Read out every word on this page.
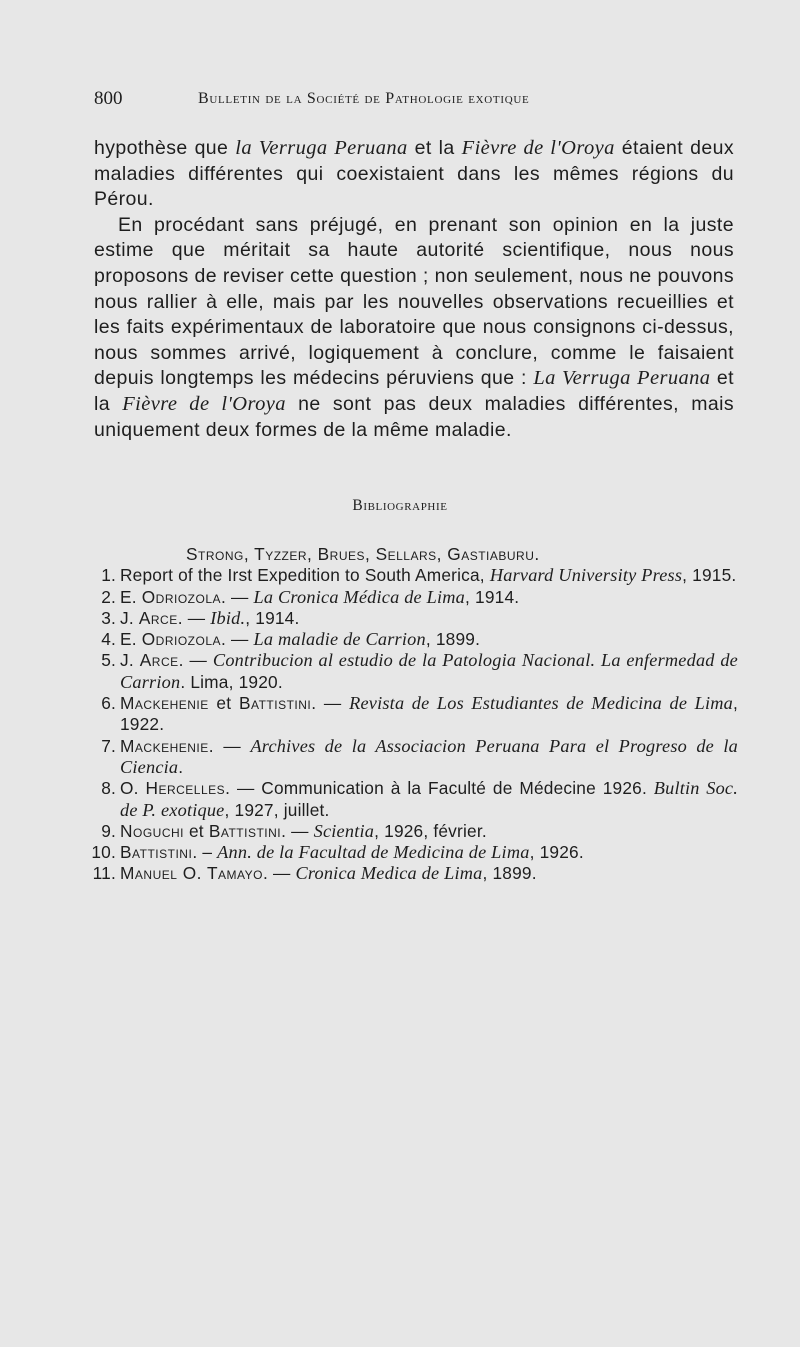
800	Bulletin de la Société de Pathologie exotique

hypothèse que la Verruga Peruana et la Fièvre de l'Oroya étaient deux maladies différentes qui coexistaient dans les mêmes régions du Pérou.

En procédant sans préjugé, en prenant son opinion en la juste estime que méritait sa haute autorité scientifique, nous nous proposons de reviser cette question ; non seulement, nous ne pouvons nous rallier à elle, mais par les nouvelles observations recueillies et les faits expérimentaux de laboratoire que nous consignons ci-dessus, nous sommes arrivé, logiquement à conclure, comme le faisaient depuis longtemps les médecins péruviens que : La Verruga Peruana et la Fièvre de l'Oroya ne sont pas deux maladies différentes, mais uniquement deux formes de la même maladie.

Bibliographie
Strong, Tyzzer, Brues, Sellars, Gastiaburu.
1. Report of the Irst Expedition to South America, Harvard University Press, 1915.
2. E. Odriozola. — La Cronica Médica de Lima, 1914.
3. J. Arce. — Ibid., 1914.
4. E. Odriozola. — La maladie de Carrion, 1899.
5. J. Arce. — Contribucion al estudio de la Patologia Nacional. La enfermedad de Carrion. Lima, 1920.
6. Mackehenie et Battistini. — Revista de Los Estudiantes de Medicina de Lima, 1922.
7. Mackehenie. — Archives de la Associacion Peruana Para el Progreso de la Ciencia.
8. O. Hercelles. — Communication à la Faculté de Médecine 1926. Bultin Soc. de P. exotique, 1927, juillet.
9. Noguchi et Battistini. — Scientia, 1926, février.
10. Battistini. – Ann. de la Facultad de Medicina de Lima, 1926.
11. Manuel O. Tamayo. — Cronica Medica de Lima, 1899.
